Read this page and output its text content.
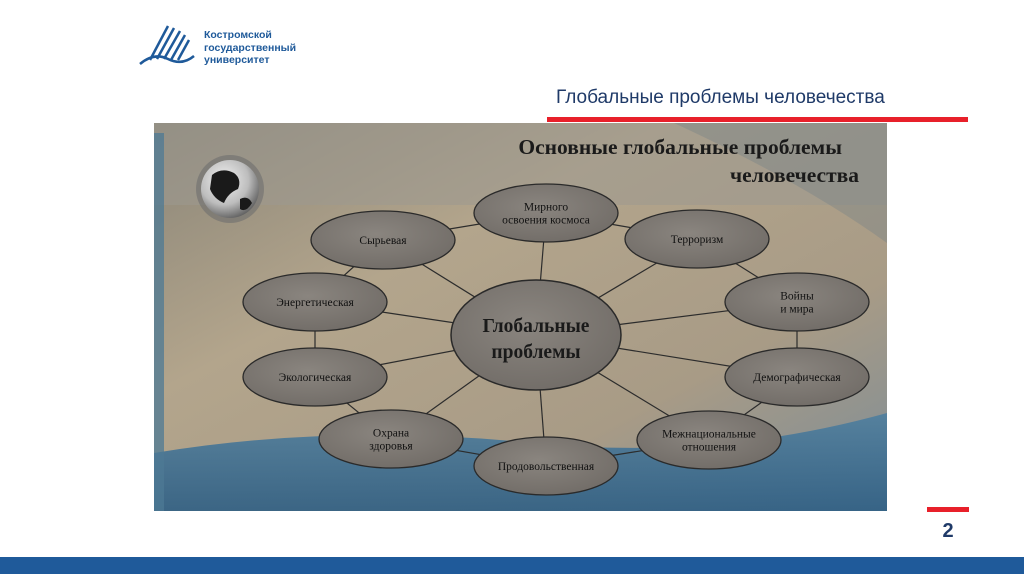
Костромской
государственный
университет
Глобальные проблемы человечества
Основные глобальные проблемы
человечества
Мирного
освоения космоса
Терроризм
Войны
и мира
Демографическая
Межнациональные
отношения
Продовольственная
Охрана
здоровья
Экологическая
Энергетическая
Сырьевая
Глобальные
проблемы
2
